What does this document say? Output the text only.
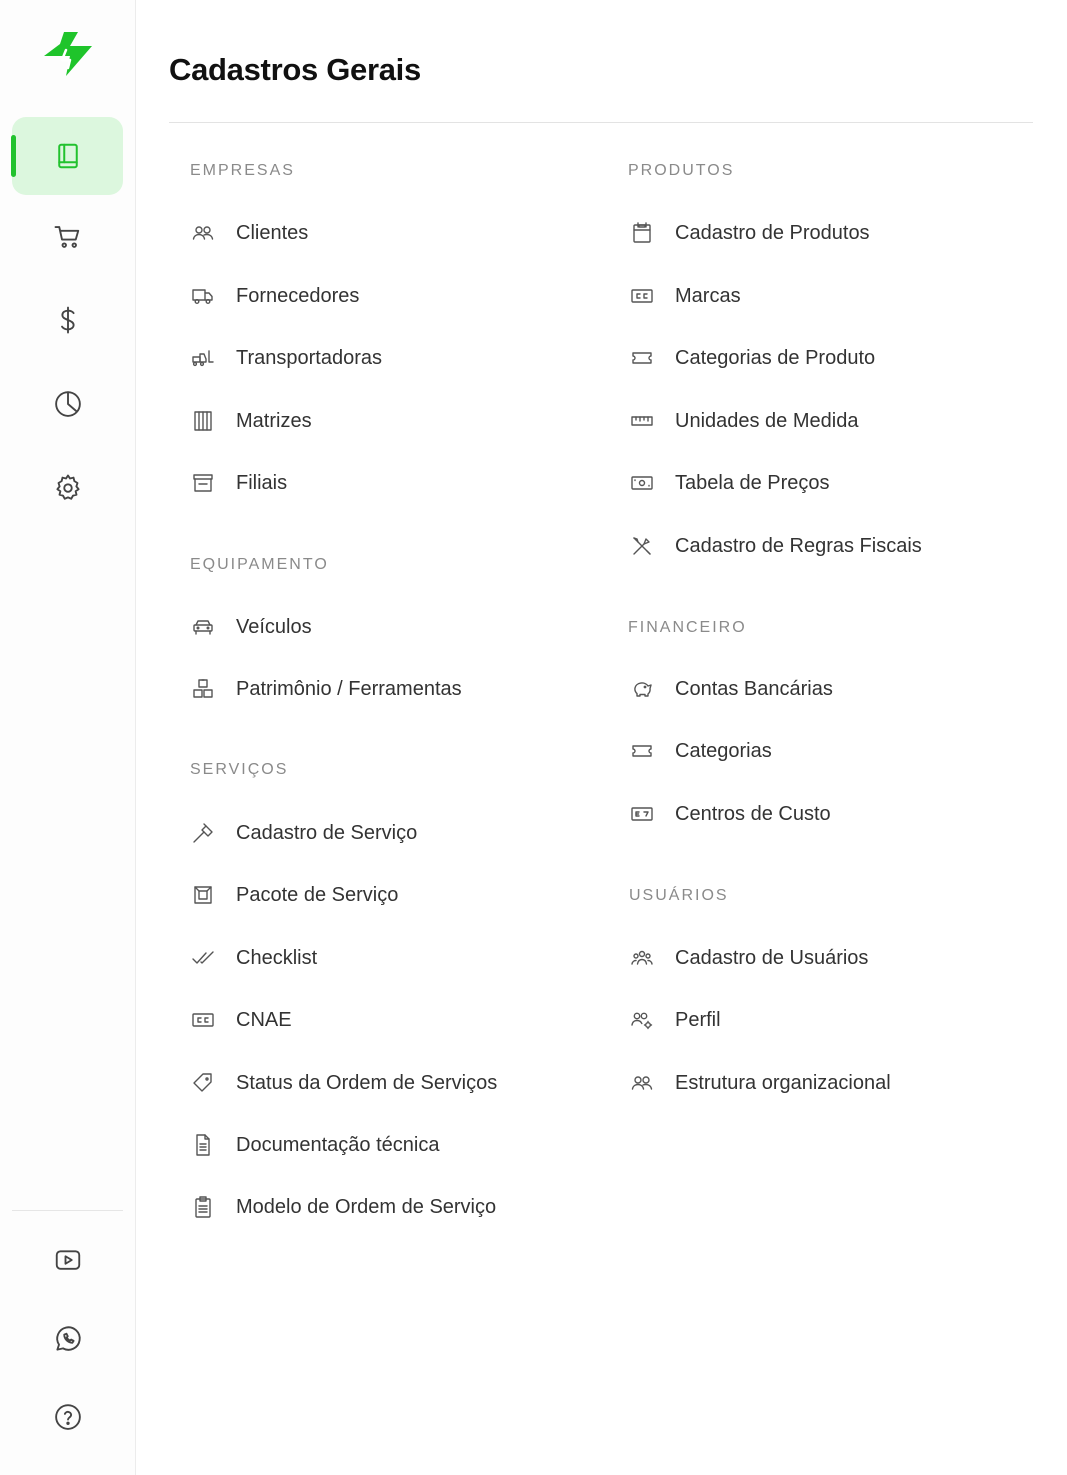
Cadastros Gerais
EMPRESAS
Clientes
Fornecedores
Transportadoras
Matrizes
Filiais
EQUIPAMENTO
Veículos
Patrimônio / Ferramentas
SERVIÇOS
Cadastro de Serviço
Pacote de Serviço
Checklist
CNAE
Status da Ordem de Serviços
Documentação técnica
Modelo de Ordem de Serviço
PRODUTOS
Cadastro de Produtos
Marcas
Categorias de Produto
Unidades de Medida
Tabela de Preços
Cadastro de Regras Fiscais
FINANCEIRO
Contas Bancárias
Categorias
Centros de Custo
USUÁRIOS
Cadastro de Usuários
Perfil
Estrutura organizacional
